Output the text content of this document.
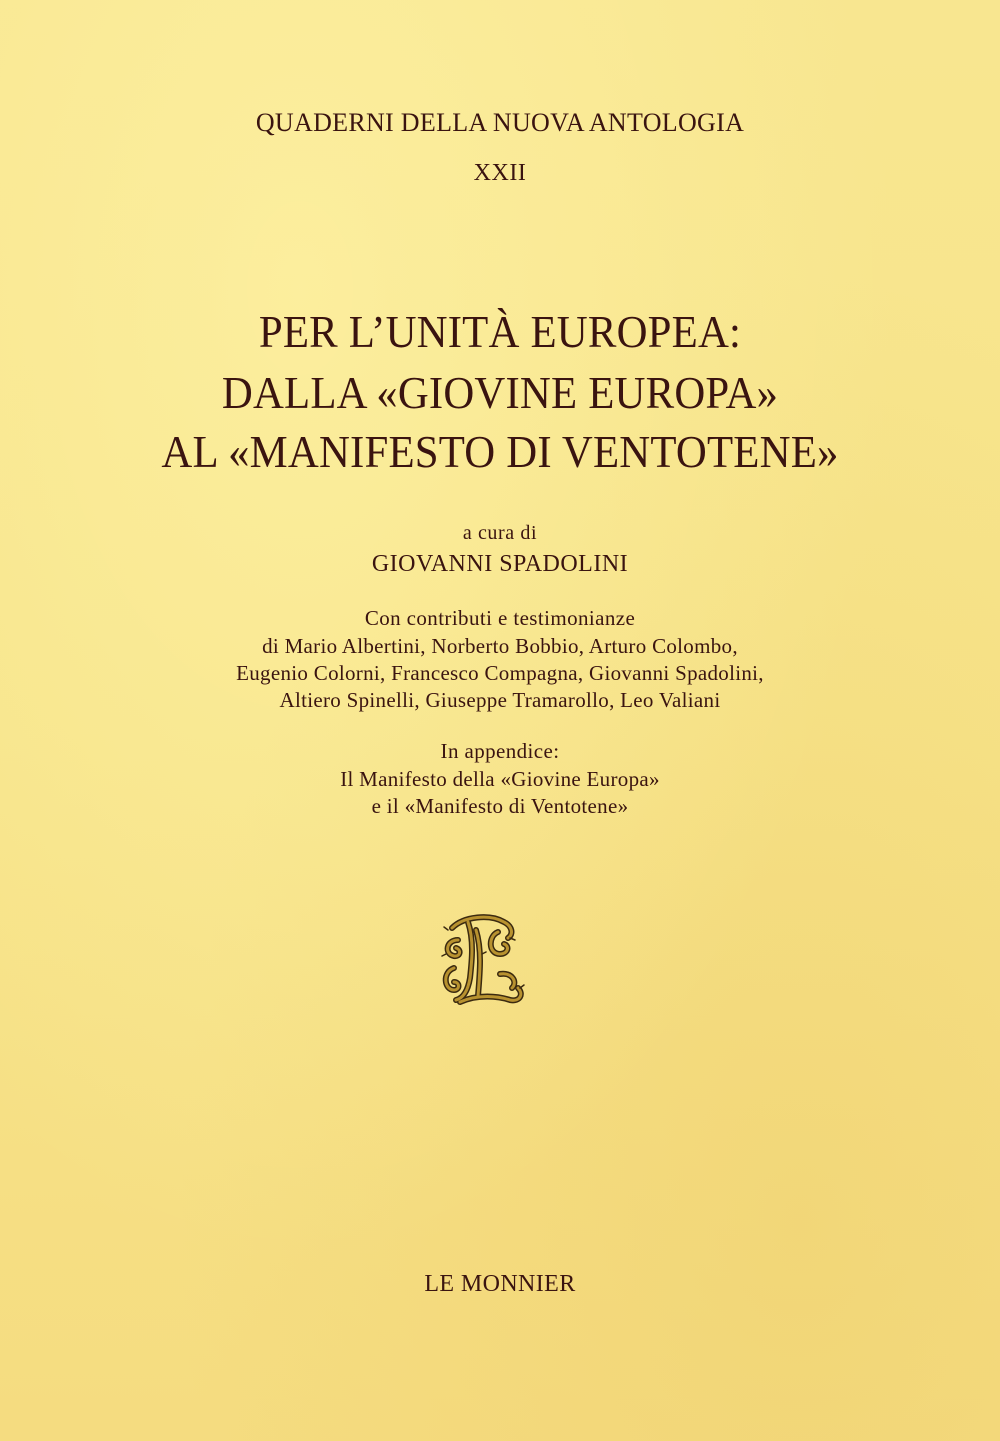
QUADERNI DELLA NUOVA ANTOLOGIA
XXII
PER L’UNITÀ EUROPEA:
DALLA «GIOVINE EUROPA»
AL «MANIFESTO DI VENTOTENE»
a cura di
GIOVANNI SPADOLINI
Con contributi e testimonianze
di Mario Albertini, Norberto Bobbio, Arturo Colombo,
Eugenio Colorni, Francesco Compagna, Giovanni Spadolini,
Altiero Spinelli, Giuseppe Tramarollo, Leo Valiani
In appendice:
Il Manifesto della «Giovine Europa»
e il «Manifesto di Ventotene»
LE MONNIER
